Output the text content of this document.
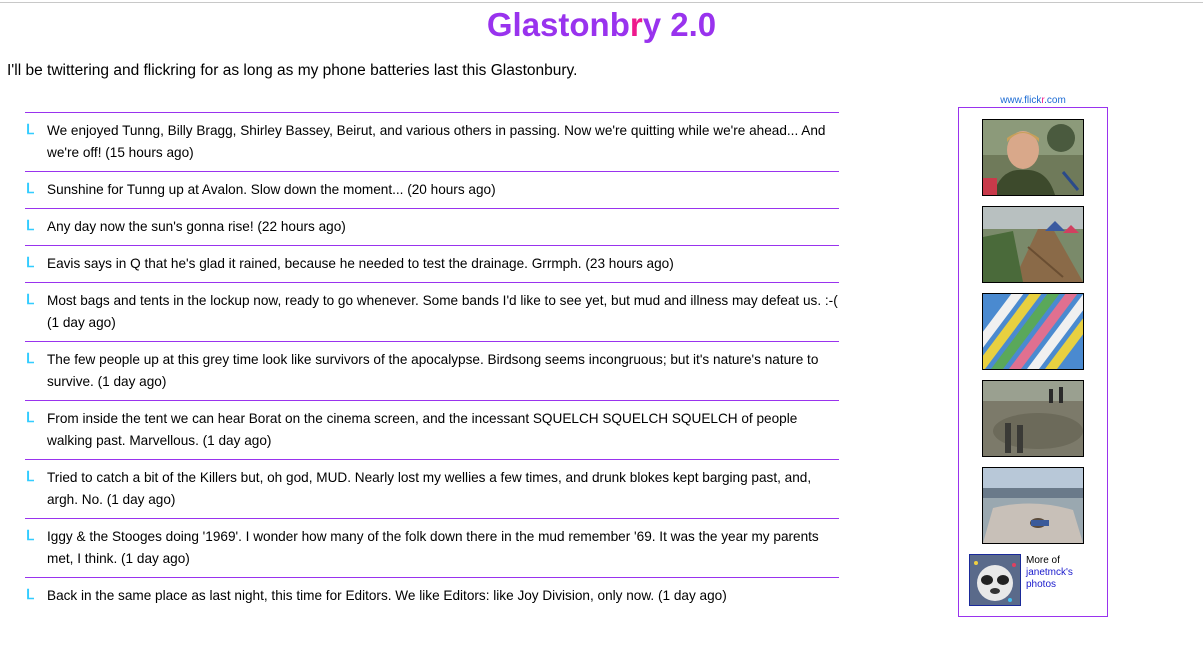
Glastonbry 2.0

I'll be twittering and flickring for as long as my phone batteries last this Glastonbury.

ᒪ We enjoyed Tunng, Billy Bragg, Shirley Bassey, Beirut, and various others in passing. Now we're quitting while we're ahead... And we're off! (15 hours ago)

ᒪ Sunshine for Tunng up at Avalon. Slow down the moment... (20 hours ago)

ᒪ Any day now the sun's gonna rise! (22 hours ago)

ᒪ Eavis says in Q that he's glad it rained, because he needed to test the drainage. Grrmph. (23 hours ago)

ᒪ Most bags and tents in the lockup now, ready to go whenever. Some bands I'd like to see yet, but mud and illness may defeat us. :-( (1 day ago)

ᒪ The few people up at this grey time look like survivors of the apocalypse. Birdsong seems incongruous; but it's nature's nature to survive. (1 day ago)

ᒪ From inside the tent we can hear Borat on the cinema screen, and the incessant SQUELCH SQUELCH SQUELCH of people walking past. Marvellous. (1 day ago)

ᒪ Tried to catch a bit of the Killers but, oh god, MUD. Nearly lost my wellies a few times, and drunk blokes kept barging past, and, argh. No. (1 day ago)

ᒪ Iggy & the Stooges doing '1969'. I wonder how many of the folk down there in the mud remember '69. It was the year my parents met, I think. (1 day ago)

ᒪ Back in the same place as last night, this time for Editors. We like Editors: like Joy Division, only now. (1 day ago)

www.flickr.com
More of
janetmck's
photos
